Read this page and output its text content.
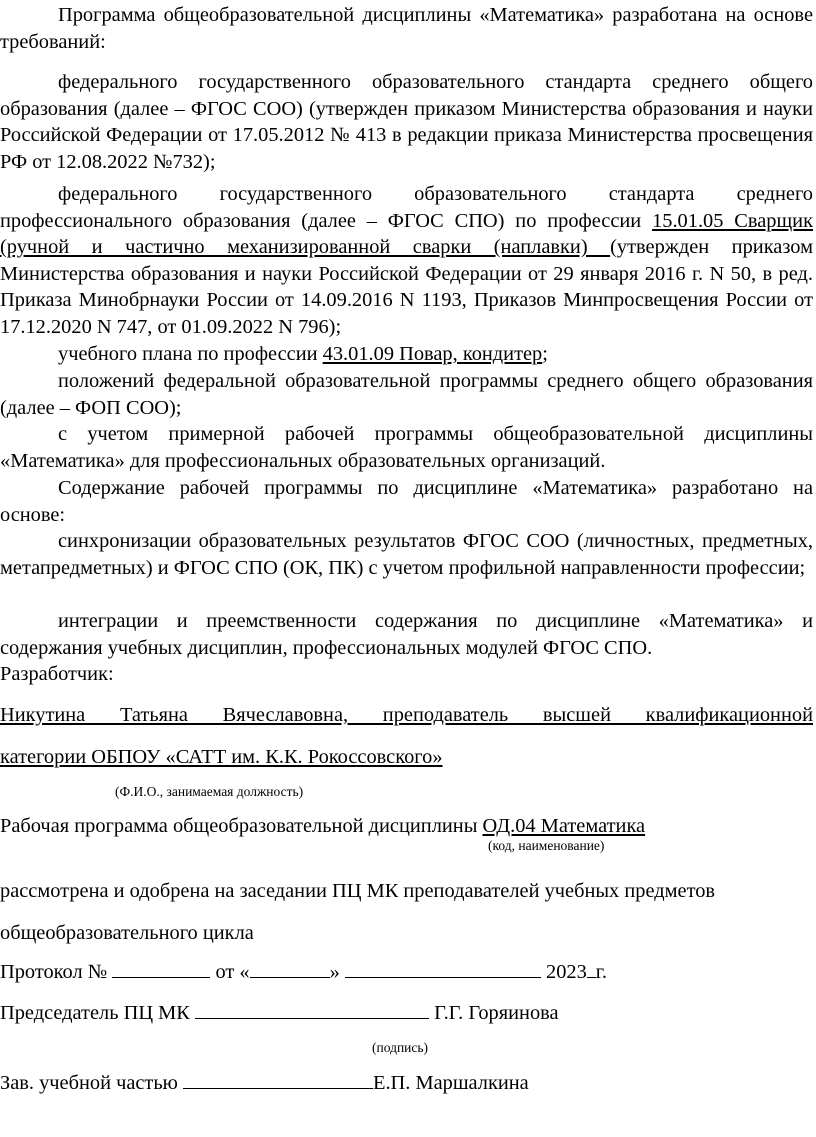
Программа общеобразовательной дисциплины «Математика» разработана на основе требований:

федерального государственного образовательного стандарта среднего общего образования (далее – ФГОС СОО) (утвержден приказом Министерства образования и науки Российской Федерации от 17.05.2012 № 413 в редакции приказа Министерства просвещения РФ от 12.08.2022 №732);

федерального государственного образовательного стандарта среднего профессионального образования (далее – ФГОС СПО) по профессии 15.01.05 Сварщик (ручной и частично механизированной сварки (наплавки) (утвержден приказом Министерства образования и науки Российской Федерации от 29 января 2016 г. N 50, в ред. Приказа Минобрнауки России от 14.09.2016 N 1193, Приказов Минпросвещения России от 17.12.2020 N 747, от 01.09.2022 N 796);

учебного плана по профессии 43.01.09 Повар, кондитер;

положений федеральной образовательной программы среднего общего образования (далее – ФОП СОО);

с учетом примерной рабочей программы общеобразовательной дисциплины «Математика» для профессиональных образовательных организаций.

Содержание рабочей программы по дисциплине «Математика» разработано на основе:

синхронизации образовательных результатов ФГОС СОО (личностных, предметных, метапредметных) и ФГОС СПО (ОК, ПК) с учетом профильной направленности профессии;

интеграции и преемственности содержания по дисциплине «Математика» и содержания учебных дисциплин, профессиональных модулей ФГОС СПО.

Разработчик:

Никутина Татьяна Вячеславовна, преподаватель высшей квалификационной

категории ОБПОУ «САТТ им. К.К. Рокоссовского»

(Ф.И.О., занимаемая должность)

Рабочая программа общеобразовательной дисциплины ОД.04 Математика

(код, наименование)

рассмотрена и одобрена на заседании ПЦ МК преподавателей учебных предметов

общеобразовательного цикла

Протокол №	от «	»	2023 г.

Председатель ПЦ МК	Г.Г. Горяинова

(подпись)

Зав. учебной частью	Е.П. Маршалкина
